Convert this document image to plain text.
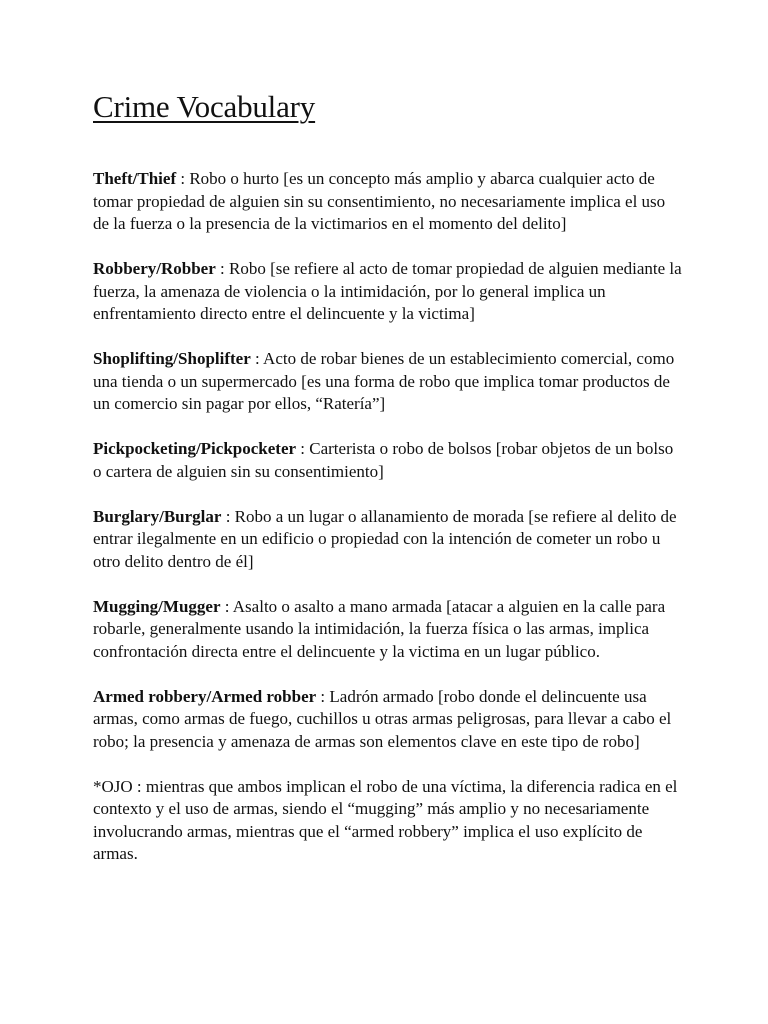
Crime Vocabulary

Theft/Thief : Robo o hurto [es un concepto más amplio y abarca cualquier acto de tomar propiedad de alguien sin su consentimiento, no necesariamente implica el uso de la fuerza o la presencia de la victimarios en el momento del delito]

Robbery/Robber : Robo [se refiere al acto de tomar propiedad de alguien mediante la fuerza, la amenaza de violencia o la intimidación, por lo general implica un enfrentamiento directo entre el delincuente y la victima]

Shoplifting/Shoplifter : Acto de robar bienes de un establecimiento comercial, como una tienda o un supermercado [es una forma de robo que implica tomar productos de un comercio sin pagar por ellos, “Ratería”]

Pickpocketing/Pickpocketer : Carterista o robo de bolsos [robar objetos de un bolso o cartera de alguien sin su consentimiento]

Burglary/Burglar : Robo a un lugar o allanamiento de morada [se refiere al delito de entrar ilegalmente en un edificio o propiedad con la intención de cometer un robo u otro delito dentro de él]

Mugging/Mugger : Asalto o asalto a mano armada [atacar a alguien en la calle para robarle, generalmente usando la intimidación, la fuerza física o las armas, implica confrontación directa entre el delincuente y la victima en un lugar público.

Armed robbery/Armed robber : Ladrón armado [robo donde el delincuente usa armas, como armas de fuego, cuchillos u otras armas peligrosas, para llevar a cabo el robo; la presencia y amenaza de armas son elementos clave en este tipo de robo]

*OJO : mientras que ambos implican el robo de una víctima, la diferencia radica en el contexto y el uso de armas, siendo el “mugging” más amplio y no necesariamente involucrando armas, mientras que el “armed robbery” implica el uso explícito de armas.
